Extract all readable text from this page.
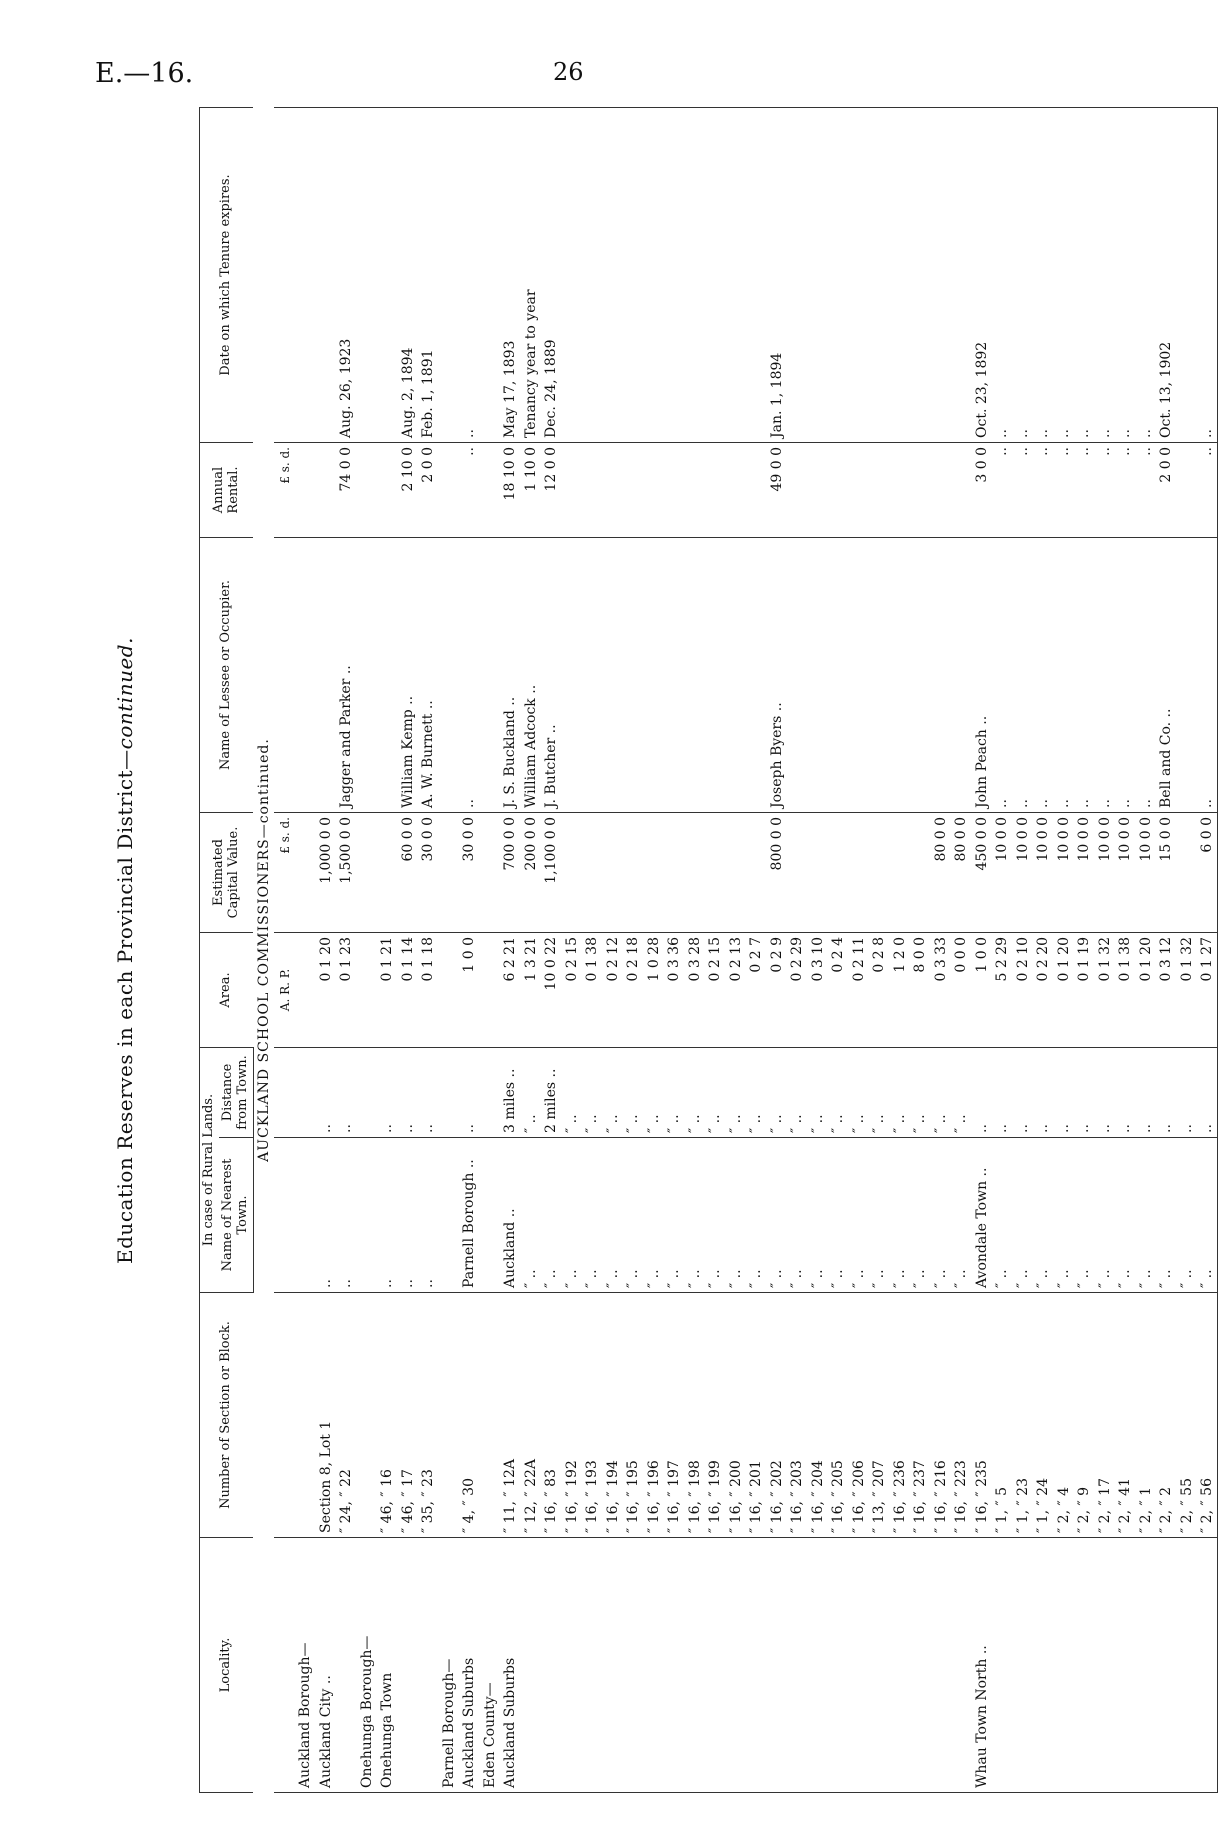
E.—16.	26
Education Reserves in each Provincial District—continued.
Locality.	Number of Section or Block.	In case of Rural Lands.		Area.	Estimated Capital Value.	Name of Lessee or Occupier.	Annual Rental.	Date on which Tenure expires.
		Name of Nearest Town.	Distance from Town.					
AUCKLAND SCHOOL COMMISSIONERS—continued.								
				A. R. P.	£ s. d.		£ s. d.	
Auckland Borough—								
Auckland City ..	Section 8, Lot 1	..	..	0 1 20	1,000 0 0			
	″ 24, ″ 22	..	..	0 1 23	1,500 0 0	Jagger and Parker ..	74 0 0	Aug. 26, 1923
Onehunga Borough—								
Onehunga Town	″ 46, ″ 16	..	..	0 1 21				
	″ 46, ″ 17	..	..	0 1 14	60 0 0	William Kemp ..	2 10 0	Aug. 2, 1894
	″ 35, ″ 23	..	..	0 1 18	30 0 0	A. W. Burnett ..	2 0 0	Feb. 1, 1891
Parnell Borough—								
Auckland Suburbs	″ 4, ″ 30	Parnell Borough ..	..	1 0 0	30 0 0	..	..	..
Eden County—								
Auckland Suburbs	″ 11, ″ 12A	Auckland ..	3 miles ..	6 2 21	700 0 0	J. S. Buckland ..	18 10 0	May 17, 1893
	″ 12, ″ 22A	″ ..	″ ..	1 3 21	200 0 0	William Adcock ..	1 10 0	Tenancy year to year
	″ 16, ″ 83	″ ..	2 miles ..	10 0 22	1,100 0 0	J. Butcher ..	12 0 0	Dec. 24, 1889
	″ 16, ″ 192	″ ..	″ ..	0 2 15				
	″ 16, ″ 193	″ ..	″ ..	0 1 38				
	″ 16, ″ 194	″ ..	″ ..	0 2 12				
	″ 16, ″ 195	″ ..	″ ..	0 2 18				
	″ 16, ″ 196	″ ..	″ ..	1 0 28				
	″ 16, ″ 197	″ ..	″ ..	0 3 36				
	″ 16, ″ 198	″ ..	″ ..	0 3 28				
	″ 16, ″ 199	″ ..	″ ..	0 2 15				
	″ 16, ″ 200	″ ..	″ ..	0 2 13				
	″ 16, ″ 201	″ ..	″ ..	0 2 7				
	″ 16, ″ 202	″ ..	″ ..	0 2 9	800 0 0	Joseph Byers ..	49 0 0	Jan. 1, 1894
	″ 16, ″ 203	″ ..	″ ..	0 2 29				
	″ 16, ″ 204	″ ..	″ ..	0 3 10				
	″ 16, ″ 205	″ ..	″ ..	0 2 4				
	″ 16, ″ 206	″ ..	″ ..	0 2 11				
	″ 13, ″ 207	″ ..	″ ..	0 2 8				
	″ 16, ″ 236	″ ..	″ ..	1 2 0				
	″ 16, ″ 237	″ ..	″ ..	8 0 0				
	″ 16, ″ 216	″ ..	″ ..	0 3 33	80 0 0			
	″ 16, ″ 223	″ ..	″ ..	0 0 0	80 0 0			
Whau Town North ..	″ 16, ″ 235	Avondale Town ..	..	1 0 0	450 0 0	John Peach ..	3 0 0	Oct. 23, 1892
	″ 1, ″ 5	″ ..	..	5 2 29	10 0 0	..	..	..
	″ 1, ″ 23	″ ..	..	0 2 10	10 0 0	..	..	..
	″ 1, ″ 24	″ ..	..	0 2 20	10 0 0	..	..	..
	″ 2, ″ 4	″ ..	..	0 1 20	10 0 0	..	..	..
	″ 2, ″ 9	″ ..	..	0 1 19	10 0 0	..	..	..
	″ 2, ″ 17	″ ..	..	0 1 32	10 0 0	..	..	..
	″ 2, ″ 41	″ ..	..	0 1 38	10 0 0	..	..	..
	″ 2, ″ 1	″ ..	..	0 1 20	10 0 0	..	..	..
	″ 2, ″ 2	″ ..	..	0 3 12	15 0 0	Bell and Co. ..	2 0 0	Oct. 13, 1902
	″ 2, ″ 55	″ ..	..	0 1 32				
	″ 2, ″ 56	″ ..	..	0 1 27	6 0 0	..	..	..
